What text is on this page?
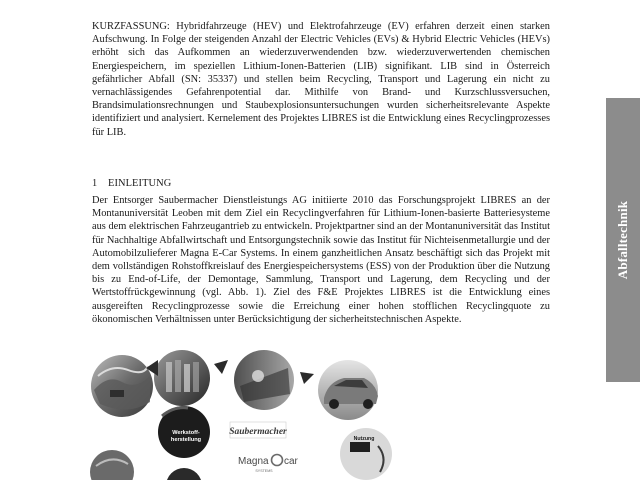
KURZFASSUNG: Hybridfahrzeuge (HEV) und Elektrofahrzeuge (EV) erfahren derzeit einen starken Aufschwung. In Folge der steigenden Anzahl der Electric Vehicles (EVs) & Hybrid Electric Vehicles (HEVs) erhöht sich das Aufkommen an wiederzuverwendenden bzw. wiederzuverwertenden chemischen Energiespeichern, im speziellen Lithium-Ionen-Batterien (LIB) signifikant. LIB sind in Österreich gefährlicher Abfall (SN: 35337) und stellen beim Recycling, Transport und Lagerung ein nicht zu vernachlässigendes Gefahrenpotential dar. Mithilfe von Brand- und Kurzschlussversuchen, Brandsimulationsrechnungen und Staubexplosionsuntersuchungen wurden sicherheitsrelevante Aspekte identifiziert und analysiert. Kernelement des Projektes LIBRES ist die Entwicklung eines Recyclingprozesses für LIB.

1 EINLEITUNG

Der Entsorger Saubermacher Dienstleistungs AG initiierte 2010 das Forschungsprojekt LIBRES an der Montanuniversität Leoben mit dem Ziel ein Recyclingverfahren für Lithium-Ionen-basierte Batteriesysteme aus dem elektrischen Fahrzeugantrieb zu entwickeln. Projektpartner sind an der Montanuniversität das Institut für Nachhaltige Abfallwirtschaft und Entsorgungstechnik sowie das Institut für Nichteisenmetallurgie und der Automobilzulieferer Magna E-Car Systems. In einem ganzheitlichen Ansatz beschäftigt sich das Projekt mit dem vollständigen Rohstoffkreislauf des Energiespeichersystems (ESS) von der Produktion über die Nutzung bis zu End-of-Life, der Demontage, Sammlung, Transport und Lagerung, dem Recycling und der Wertstoffrückgewinnung (vgl. Abb. 1). Ziel des F&E Projektes LIBRES ist die Entwicklung eines ausgereiften Recyclingprozesse sowie die Erreichung einer hohen stofflichen Recyclingquote zu ökonomischen Verhältnissen unter Berücksichtigung der sicherheitstechnischen Aspekte.

Abfalltechnik
Werkstoff-
herstellung
Saubermacher
Magna car
SYSTEMS
Nutzung
